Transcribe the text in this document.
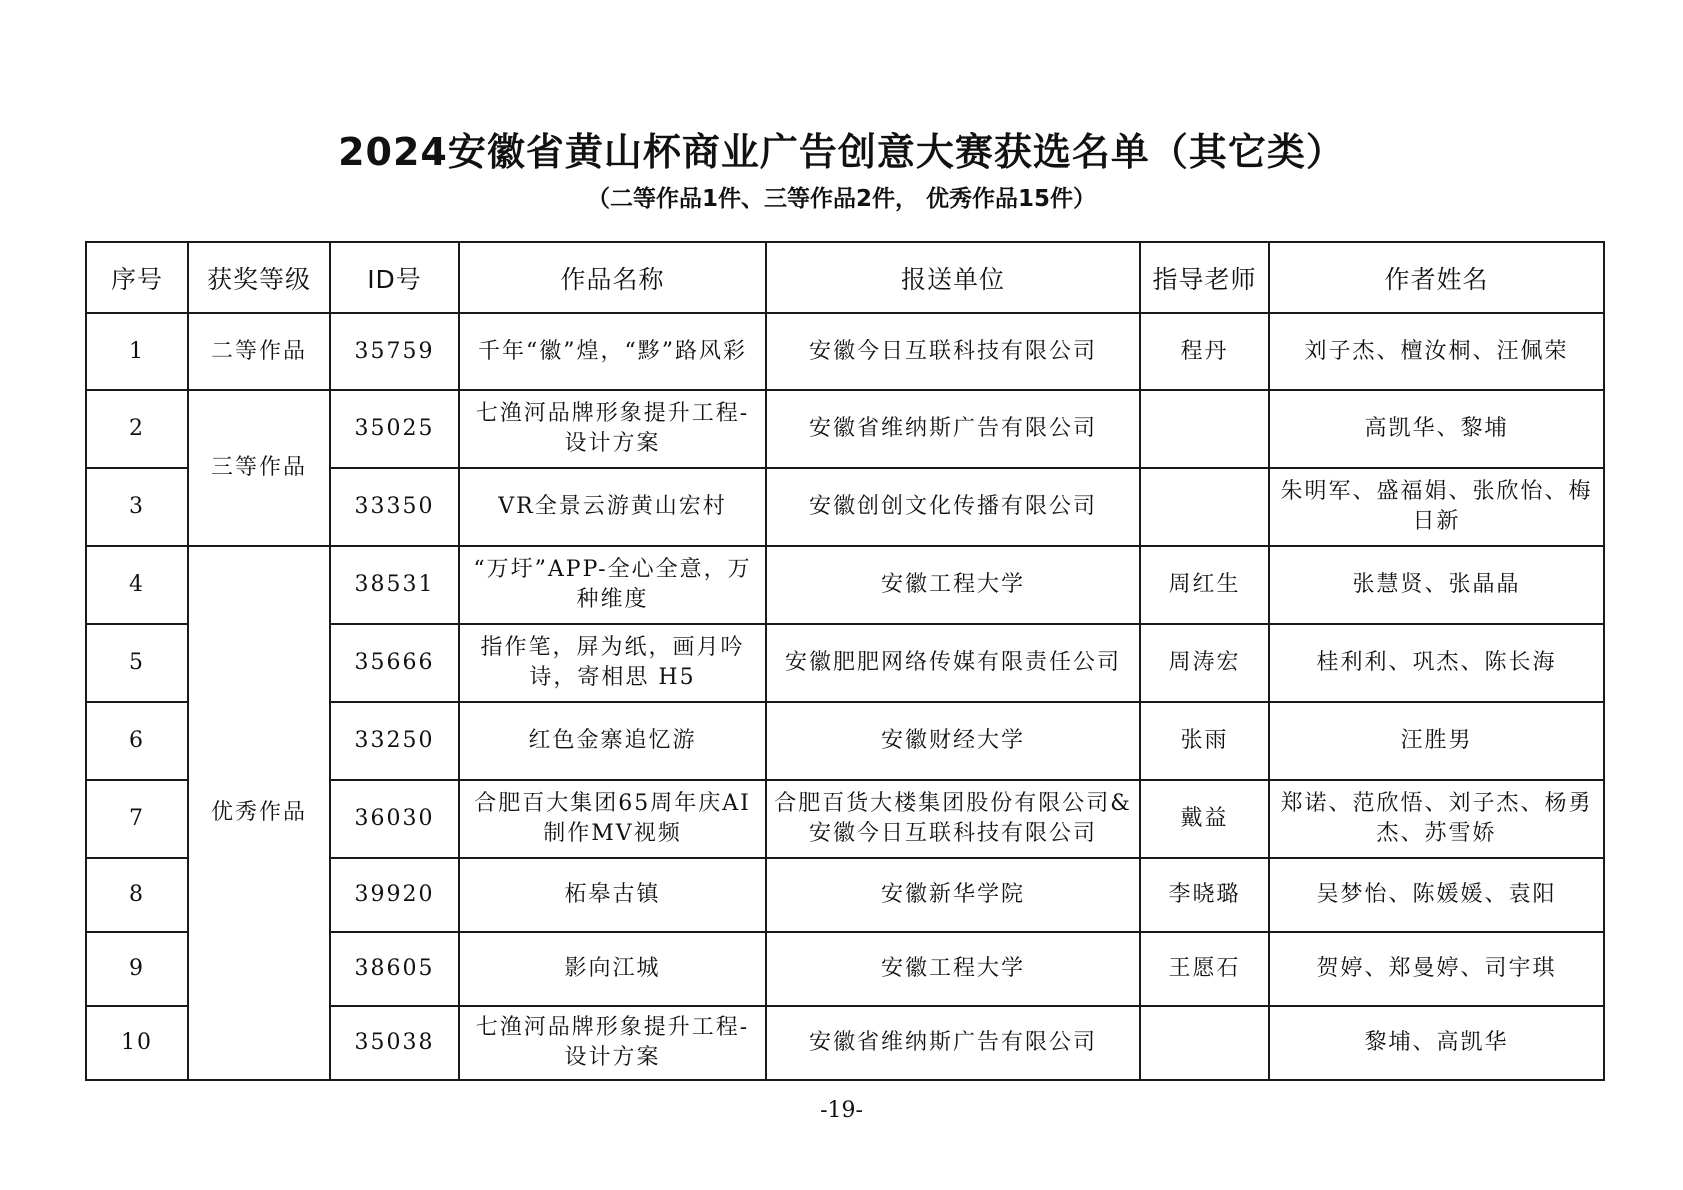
2024安徽省黄山杯商业广告创意大赛获选名单（其它类）
（二等作品1件、三等作品2件， 优秀作品15件）
序号	获奖等级	ID号	作品名称	报送单位	指导老师	作者姓名
1	二等作品	35759	千年“徽”煌，“黟”路风彩	安徽今日互联科技有限公司	程丹	刘子杰、檀汝桐、汪佩荣
2	三等作品	35025	七渔河品牌形象提升工程-设计方案	安徽省维纳斯广告有限公司		高凯华、黎埔
3		33350	VR全景云游黄山宏村	安徽创创文化传播有限公司		朱明军、盛福娟、张欣怡、梅日新
4	优秀作品	38531	“万圩”APP-全心全意，万种维度	安徽工程大学	周红生	张慧贤、张晶晶
5		35666	指作笔，屏为纸，画月吟诗，寄相思 H5	安徽肥肥网络传媒有限责任公司	周涛宏	桂利利、巩杰、陈长海
6		33250	红色金寨追忆游	安徽财经大学	张雨	汪胜男
7		36030	合肥百大集团65周年庆AI制作MV视频	合肥百货大楼集团股份有限公司&安徽今日互联科技有限公司	戴益	郑诺、范欣悟、刘子杰、杨勇杰、苏雪娇
8		39920	柘皋古镇	安徽新华学院	李晓璐	吴梦怡、陈媛媛、袁阳
9		38605	影向江城	安徽工程大学	王愿石	贺婷、郑曼婷、司宇琪
10		35038	七渔河品牌形象提升工程-设计方案	安徽省维纳斯广告有限公司		黎埔、高凯华
-19-
